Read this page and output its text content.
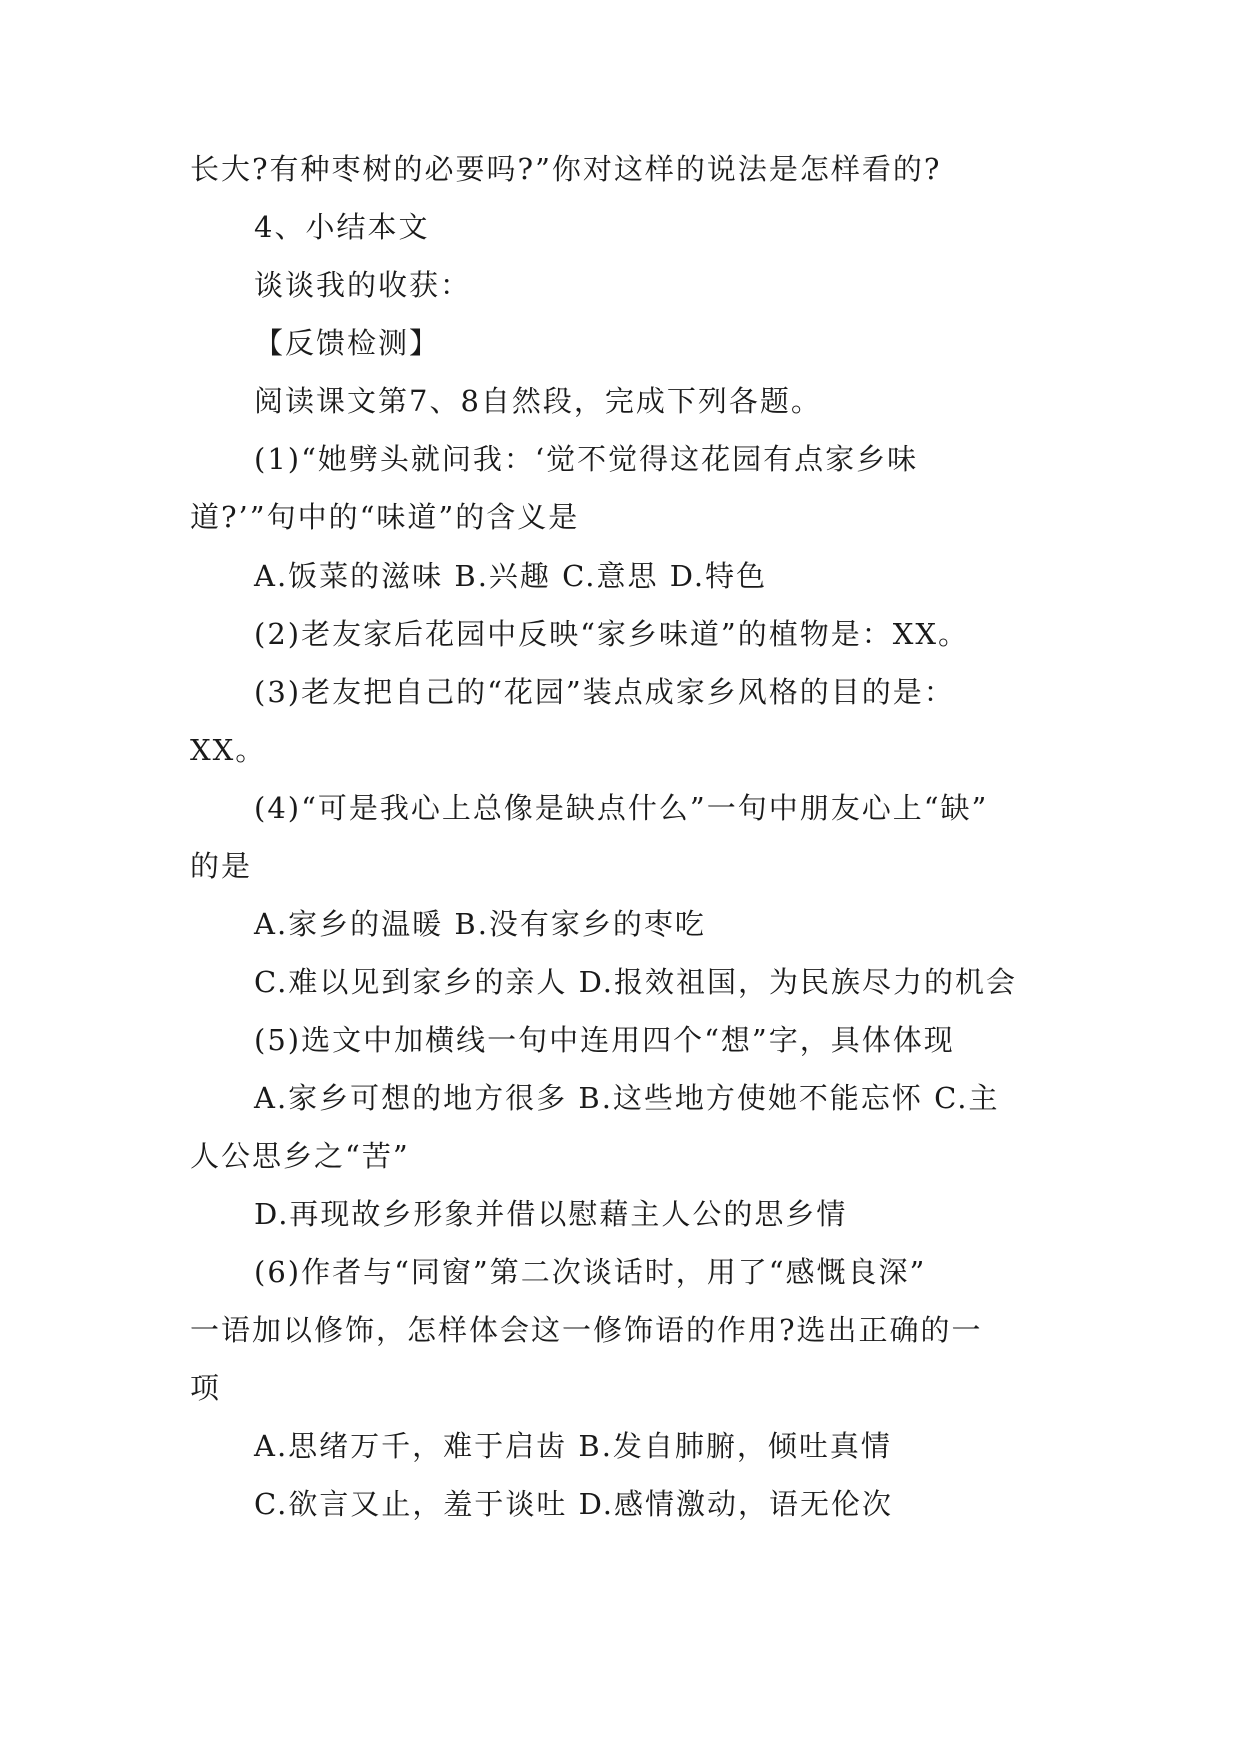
长大?有种枣树的必要吗?”你对这样的说法是怎样看的?
4、小结本文
谈谈我的收获：
【反馈检测】
阅读课文第7、8自然段，完成下列各题。
(1)“她劈头就问我：‘觉不觉得这花园有点家乡味
道?’”句中的“味道”的含义是
A.饭菜的滋味 B.兴趣 C.意思 D.特色
(2)老友家后花园中反映“家乡味道”的植物是：XX。
(3)老友把自己的“花园”装点成家乡风格的目的是：
XX。
(4)“可是我心上总像是缺点什么”一句中朋友心上“缺”
的是
A.家乡的温暖 B.没有家乡的枣吃
C.难以见到家乡的亲人 D.报效祖国，为民族尽力的机会
(5)选文中加横线一句中连用四个“想”字，具体体现
A.家乡可想的地方很多 B.这些地方使她不能忘怀 C.主
人公思乡之“苦”
D.再现故乡形象并借以慰藉主人公的思乡情
(6)作者与“同窗”第二次谈话时，用了“感慨良深”
一语加以修饰，怎样体会这一修饰语的作用?选出正确的一
项
A.思绪万千，难于启齿 B.发自肺腑，倾吐真情
C.欲言又止，羞于谈吐 D.感情激动，语无伦次
